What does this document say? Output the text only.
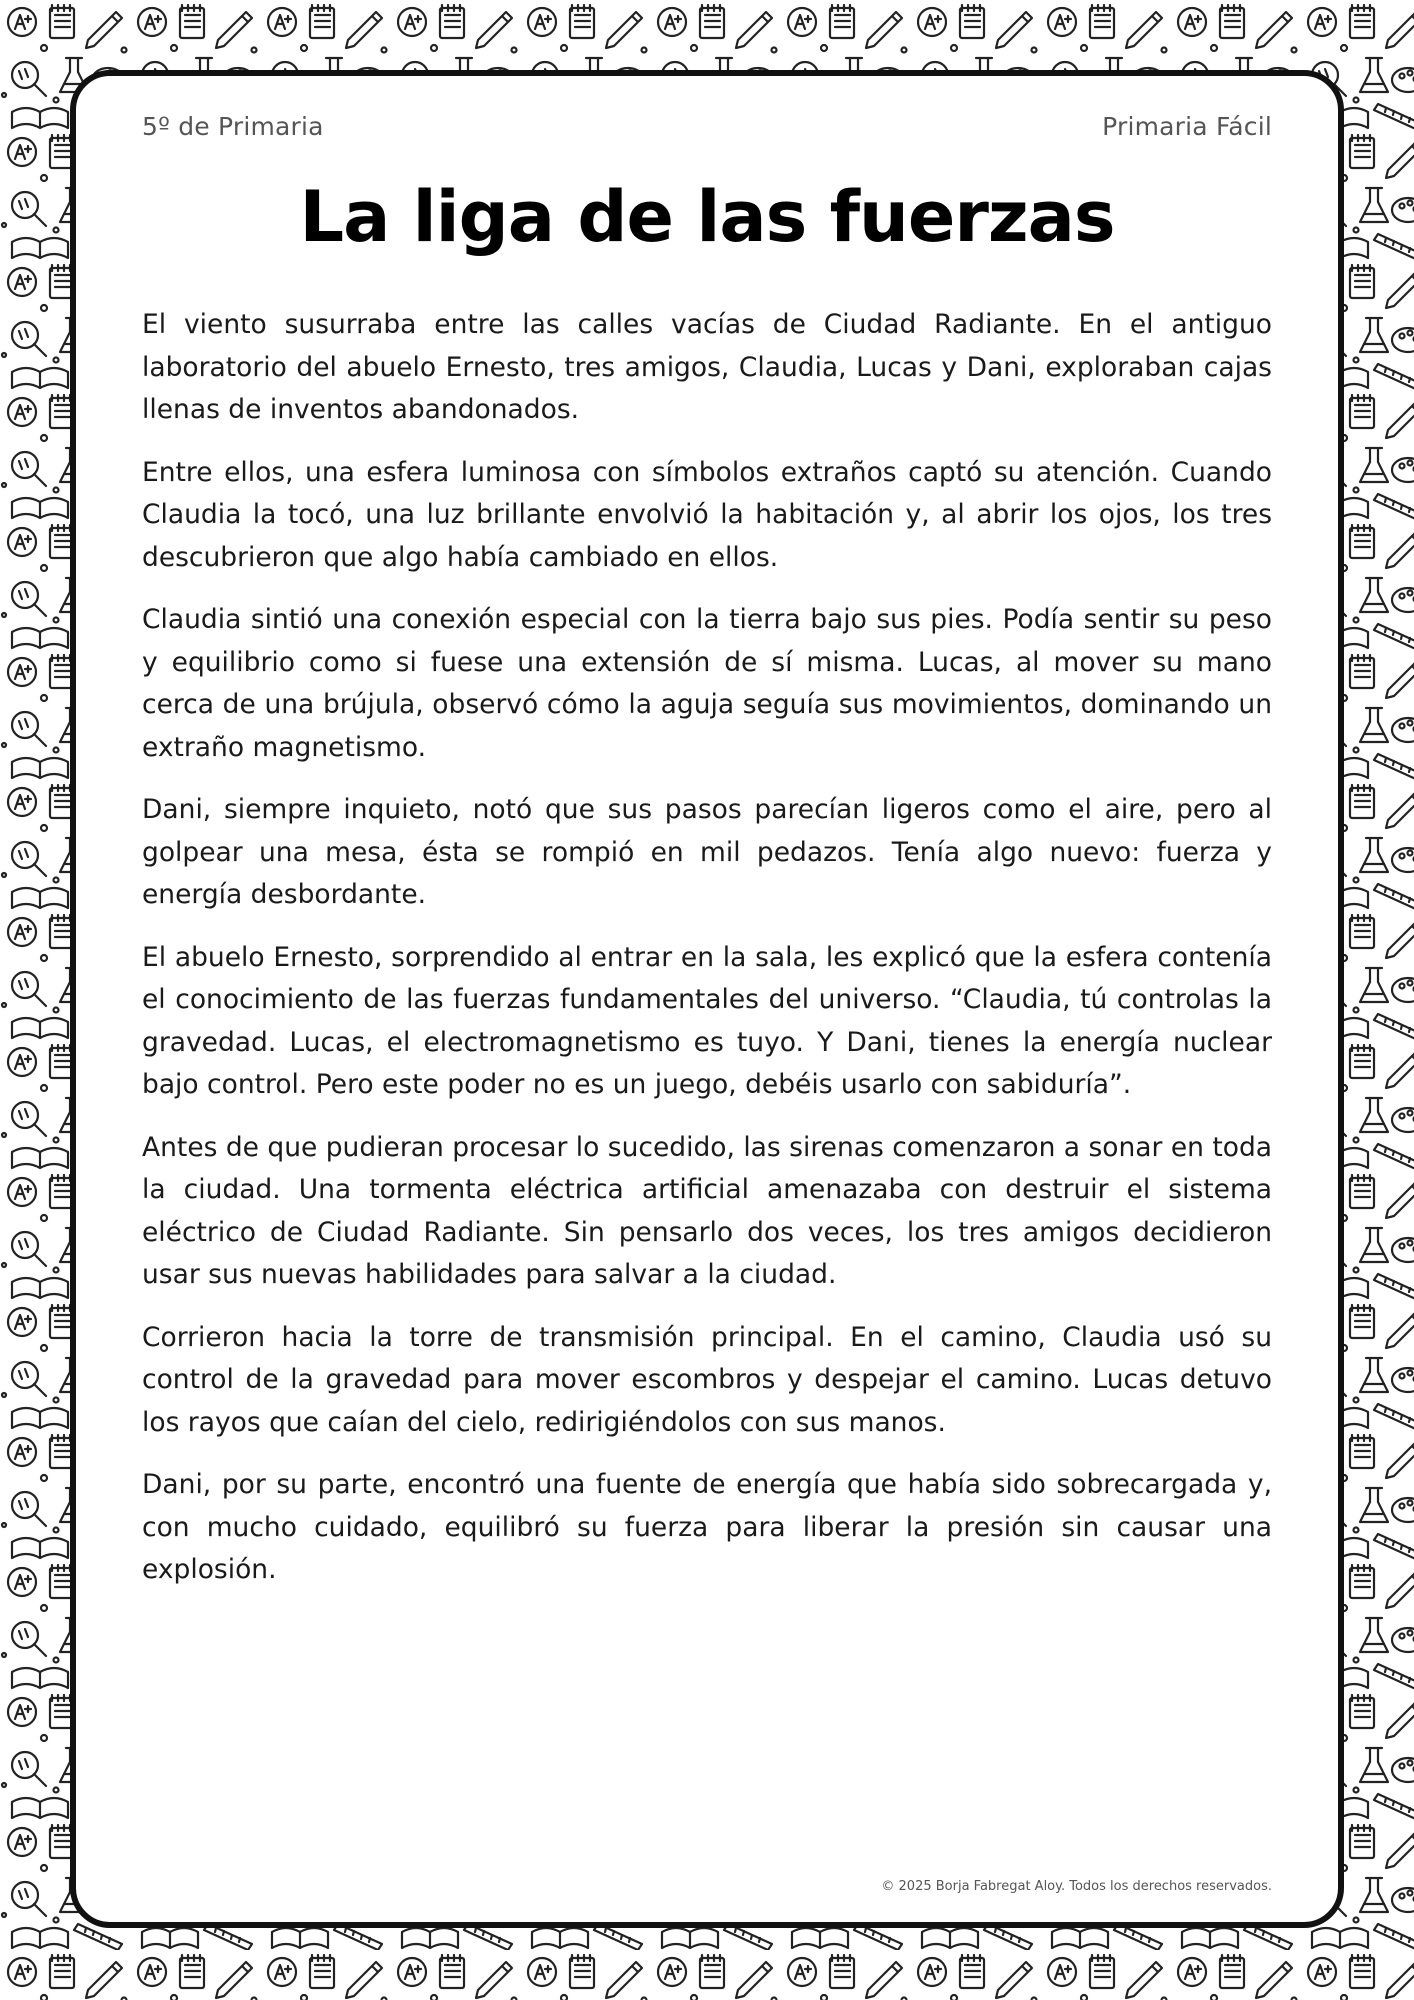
5º de Primaria	Primaria Fácil
La liga de las fuerzas

El viento susurraba entre las calles vacías de Ciudad Radiante. En el antiguo laboratorio del abuelo Ernesto, tres amigos, Claudia, Lucas y Dani, exploraban cajas llenas de inventos abandonados.

Entre ellos, una esfera luminosa con símbolos extraños captó su atención. Cuando Claudia la tocó, una luz brillante envolvió la habitación y, al abrir los ojos, los tres descubrieron que algo había cambiado en ellos.

Claudia sintió una conexión especial con la tierra bajo sus pies. Podía sentir su peso y equilibrio como si fuese una extensión de sí misma. Lucas, al mover su mano cerca de una brújula, observó cómo la aguja seguía sus movimientos, dominando un extraño magnetismo.

Dani, siempre inquieto, notó que sus pasos parecían ligeros como el aire, pero al golpear una mesa, ésta se rompió en mil pedazos. Tenía algo nuevo: fuerza y energía desbordante.

El abuelo Ernesto, sorprendido al entrar en la sala, les explicó que la esfera contenía el conocimiento de las fuerzas fundamentales del universo. “Claudia, tú controlas la gravedad. Lucas, el electromagnetismo es tuyo. Y Dani, tienes la energía nuclear bajo control. Pero este poder no es un juego, debéis usarlo con sabiduría”.

Antes de que pudieran procesar lo sucedido, las sirenas comenzaron a sonar en toda la ciudad. Una tormenta eléctrica artificial amenazaba con destruir el sistema eléctrico de Ciudad Radiante. Sin pensarlo dos veces, los tres amigos decidieron usar sus nuevas habilidades para salvar a la ciudad.

Corrieron hacia la torre de transmisión principal. En el camino, Claudia usó su control de la gravedad para mover escombros y despejar el camino. Lucas detuvo los rayos que caían del cielo, redirigiéndolos con sus manos.

Dani, por su parte, encontró una fuente de energía que había sido sobrecargada y, con mucho cuidado, equilibró su fuerza para liberar la presión sin causar una explosión.

© 2025 Borja Fabregat Aloy. Todos los derechos reservados.
